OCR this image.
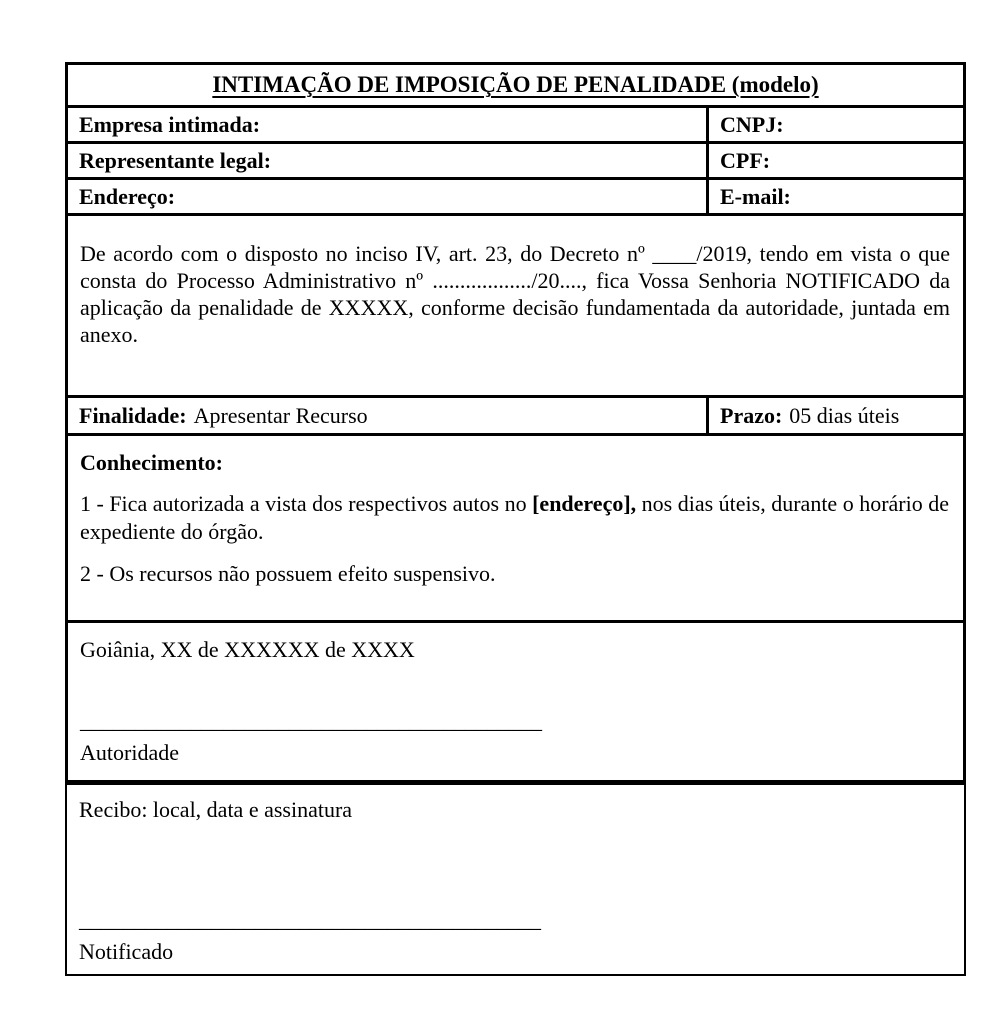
INTIMAÇÃO DE IMPOSIÇÃO DE PENALIDADE (modelo)
Empresa intimada:	CNPJ:
Representante legal:	CPF:
Endereço:	E-mail:
De acordo com o disposto no inciso IV, art. 23, do Decreto nº ____/2019, tendo em vista o que consta do Processo Administrativo nº ................../20...., fica Vossa Senhoria NOTIFICADO da aplicação da penalidade de XXXXX, conforme decisão fundamentada da autoridade, juntada em anexo.
Finalidade: Apresentar Recurso	Prazo: 05 dias úteis

Conhecimento:

1 - Fica autorizada a vista dos respectivos autos no [endereço], nos dias úteis, durante o horário de expediente do órgão.

2 - Os recursos não possuem efeito suspensivo.

Goiânia, XX de XXXXXX de XXXX
__________________________________________
Autoridade
Recibo: local, data e assinatura
__________________________________________
Notificado
